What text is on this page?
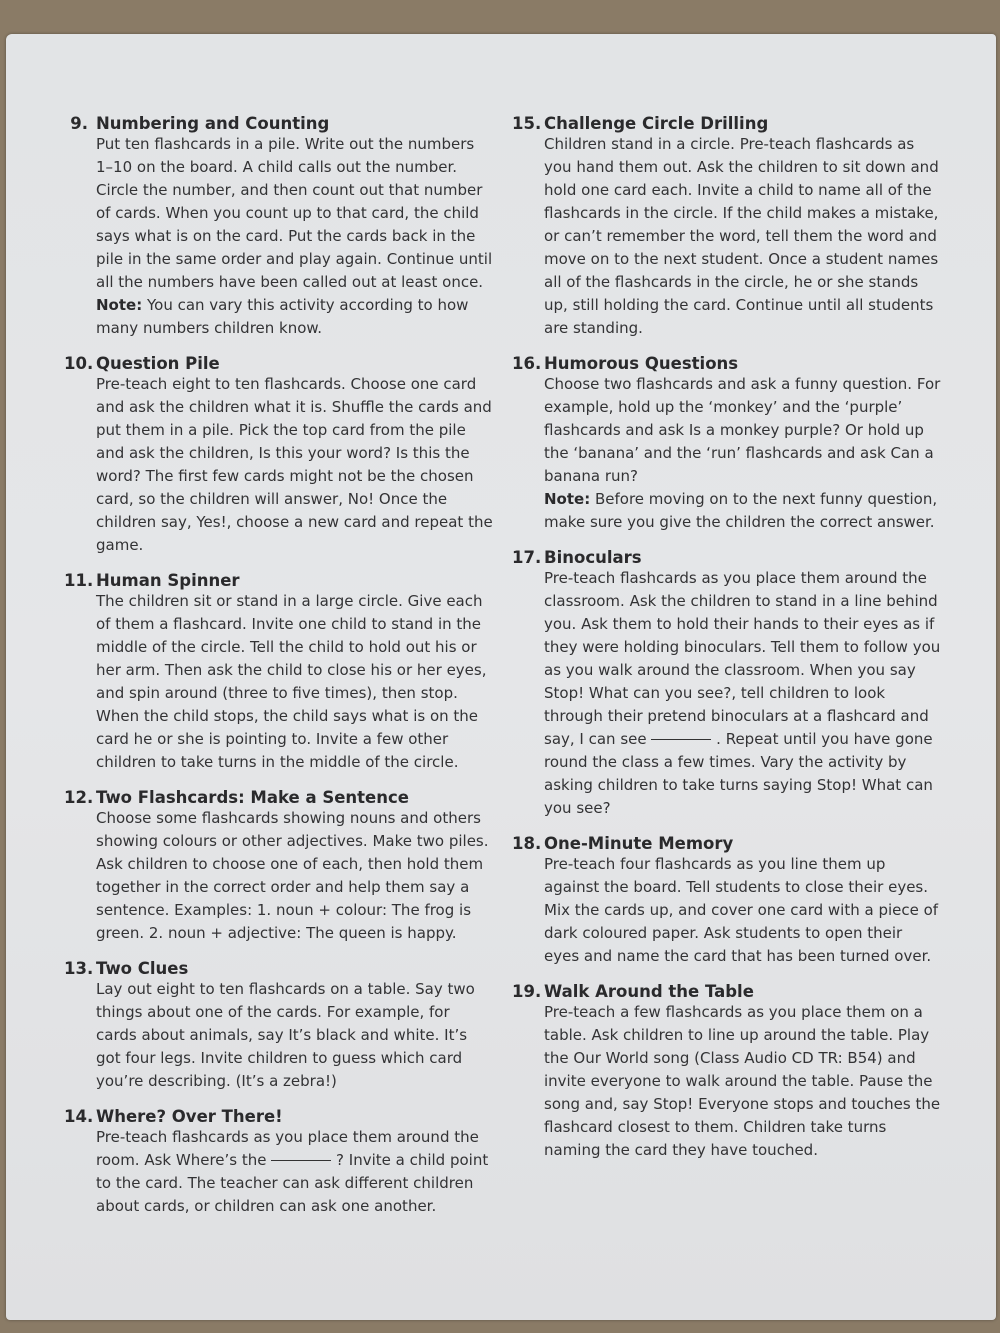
9. Numbering and Counting

Put ten flashcards in a pile. Write out the numbers 1–10 on the board. A child calls out the number. Circle the number, and then count out that number of cards. When you count up to that card, the child says what is on the card. Put the cards back in the pile in the same order and play again. Continue until all the numbers have been called out at least once.

Note: You can vary this activity according to how many numbers children know.

10. Question Pile

Pre-teach eight to ten flashcards. Choose one card and ask the children what it is. Shuffle the cards and put them in a pile. Pick the top card from the pile and ask the children, Is this your word? Is this the word? The first few cards might not be the chosen card, so the children will answer, No! Once the children say, Yes!, choose a new card and repeat the game.

11. Human Spinner

The children sit or stand in a large circle. Give each of them a flashcard. Invite one child to stand in the middle of the circle. Tell the child to hold out his or her arm. Then ask the child to close his or her eyes, and spin around (three to five times), then stop. When the child stops, the child says what is on the card he or she is pointing to. Invite a few other children to take turns in the middle of the circle.

12. Two Flashcards: Make a Sentence

Choose some flashcards showing nouns and others showing colours or other adjectives. Make two piles. Ask children to choose one of each, then hold them together in the correct order and help them say a sentence. Examples: 1. noun + colour: The frog is green. 2. noun + adjective: The queen is happy.

13. Two Clues

Lay out eight to ten flashcards on a table. Say two things about one of the cards. For example, for cards about animals, say It’s black and white. It’s got four legs. Invite children to guess which card you’re describing. (It’s a zebra!)

14. Where? Over There!

Pre-teach flashcards as you place them around the room. Ask Where’s the	? Invite a child point to the card. The teacher can ask different children about cards, or children can ask one another.

15. Challenge Circle Drilling

Children stand in a circle. Pre-teach flashcards as you hand them out. Ask the children to sit down and hold one card each. Invite a child to name all of the flashcards in the circle. If the child makes a mistake, or can’t remember the word, tell them the word and move on to the next student. Once a student names all of the flashcards in the circle, he or she stands up, still holding the card. Continue until all students are standing.

16. Humorous Questions

Choose two flashcards and ask a funny question. For example, hold up the ‘monkey’ and the ‘purple’ flashcards and ask Is a monkey purple? Or hold up the ‘banana’ and the ‘run’ flashcards and ask Can a banana run?

Note: Before moving on to the next funny question, make sure you give the children the correct answer.

17. Binoculars

Pre-teach flashcards as you place them around the classroom. Ask the children to stand in a line behind you. Ask them to hold their hands to their eyes as if they were holding binoculars. Tell them to follow you as you walk around the classroom. When you say Stop! What can you see?, tell children to look through their pretend binoculars at a flashcard and say, I can see	. Repeat until you have gone round the class a few times. Vary the activity by asking children to take turns saying Stop! What can you see?

18. One-Minute Memory

Pre-teach four flashcards as you line them up against the board. Tell students to close their eyes. Mix the cards up, and cover one card with a piece of dark coloured paper. Ask students to open their eyes and name the card that has been turned over.

19. Walk Around the Table

Pre-teach a few flashcards as you place them on a table. Ask children to line up around the table. Play the Our World song (Class Audio CD TR: B54) and invite everyone to walk around the table. Pause the song and, say Stop! Everyone stops and touches the flashcard closest to them. Children take turns naming the card they have touched.
